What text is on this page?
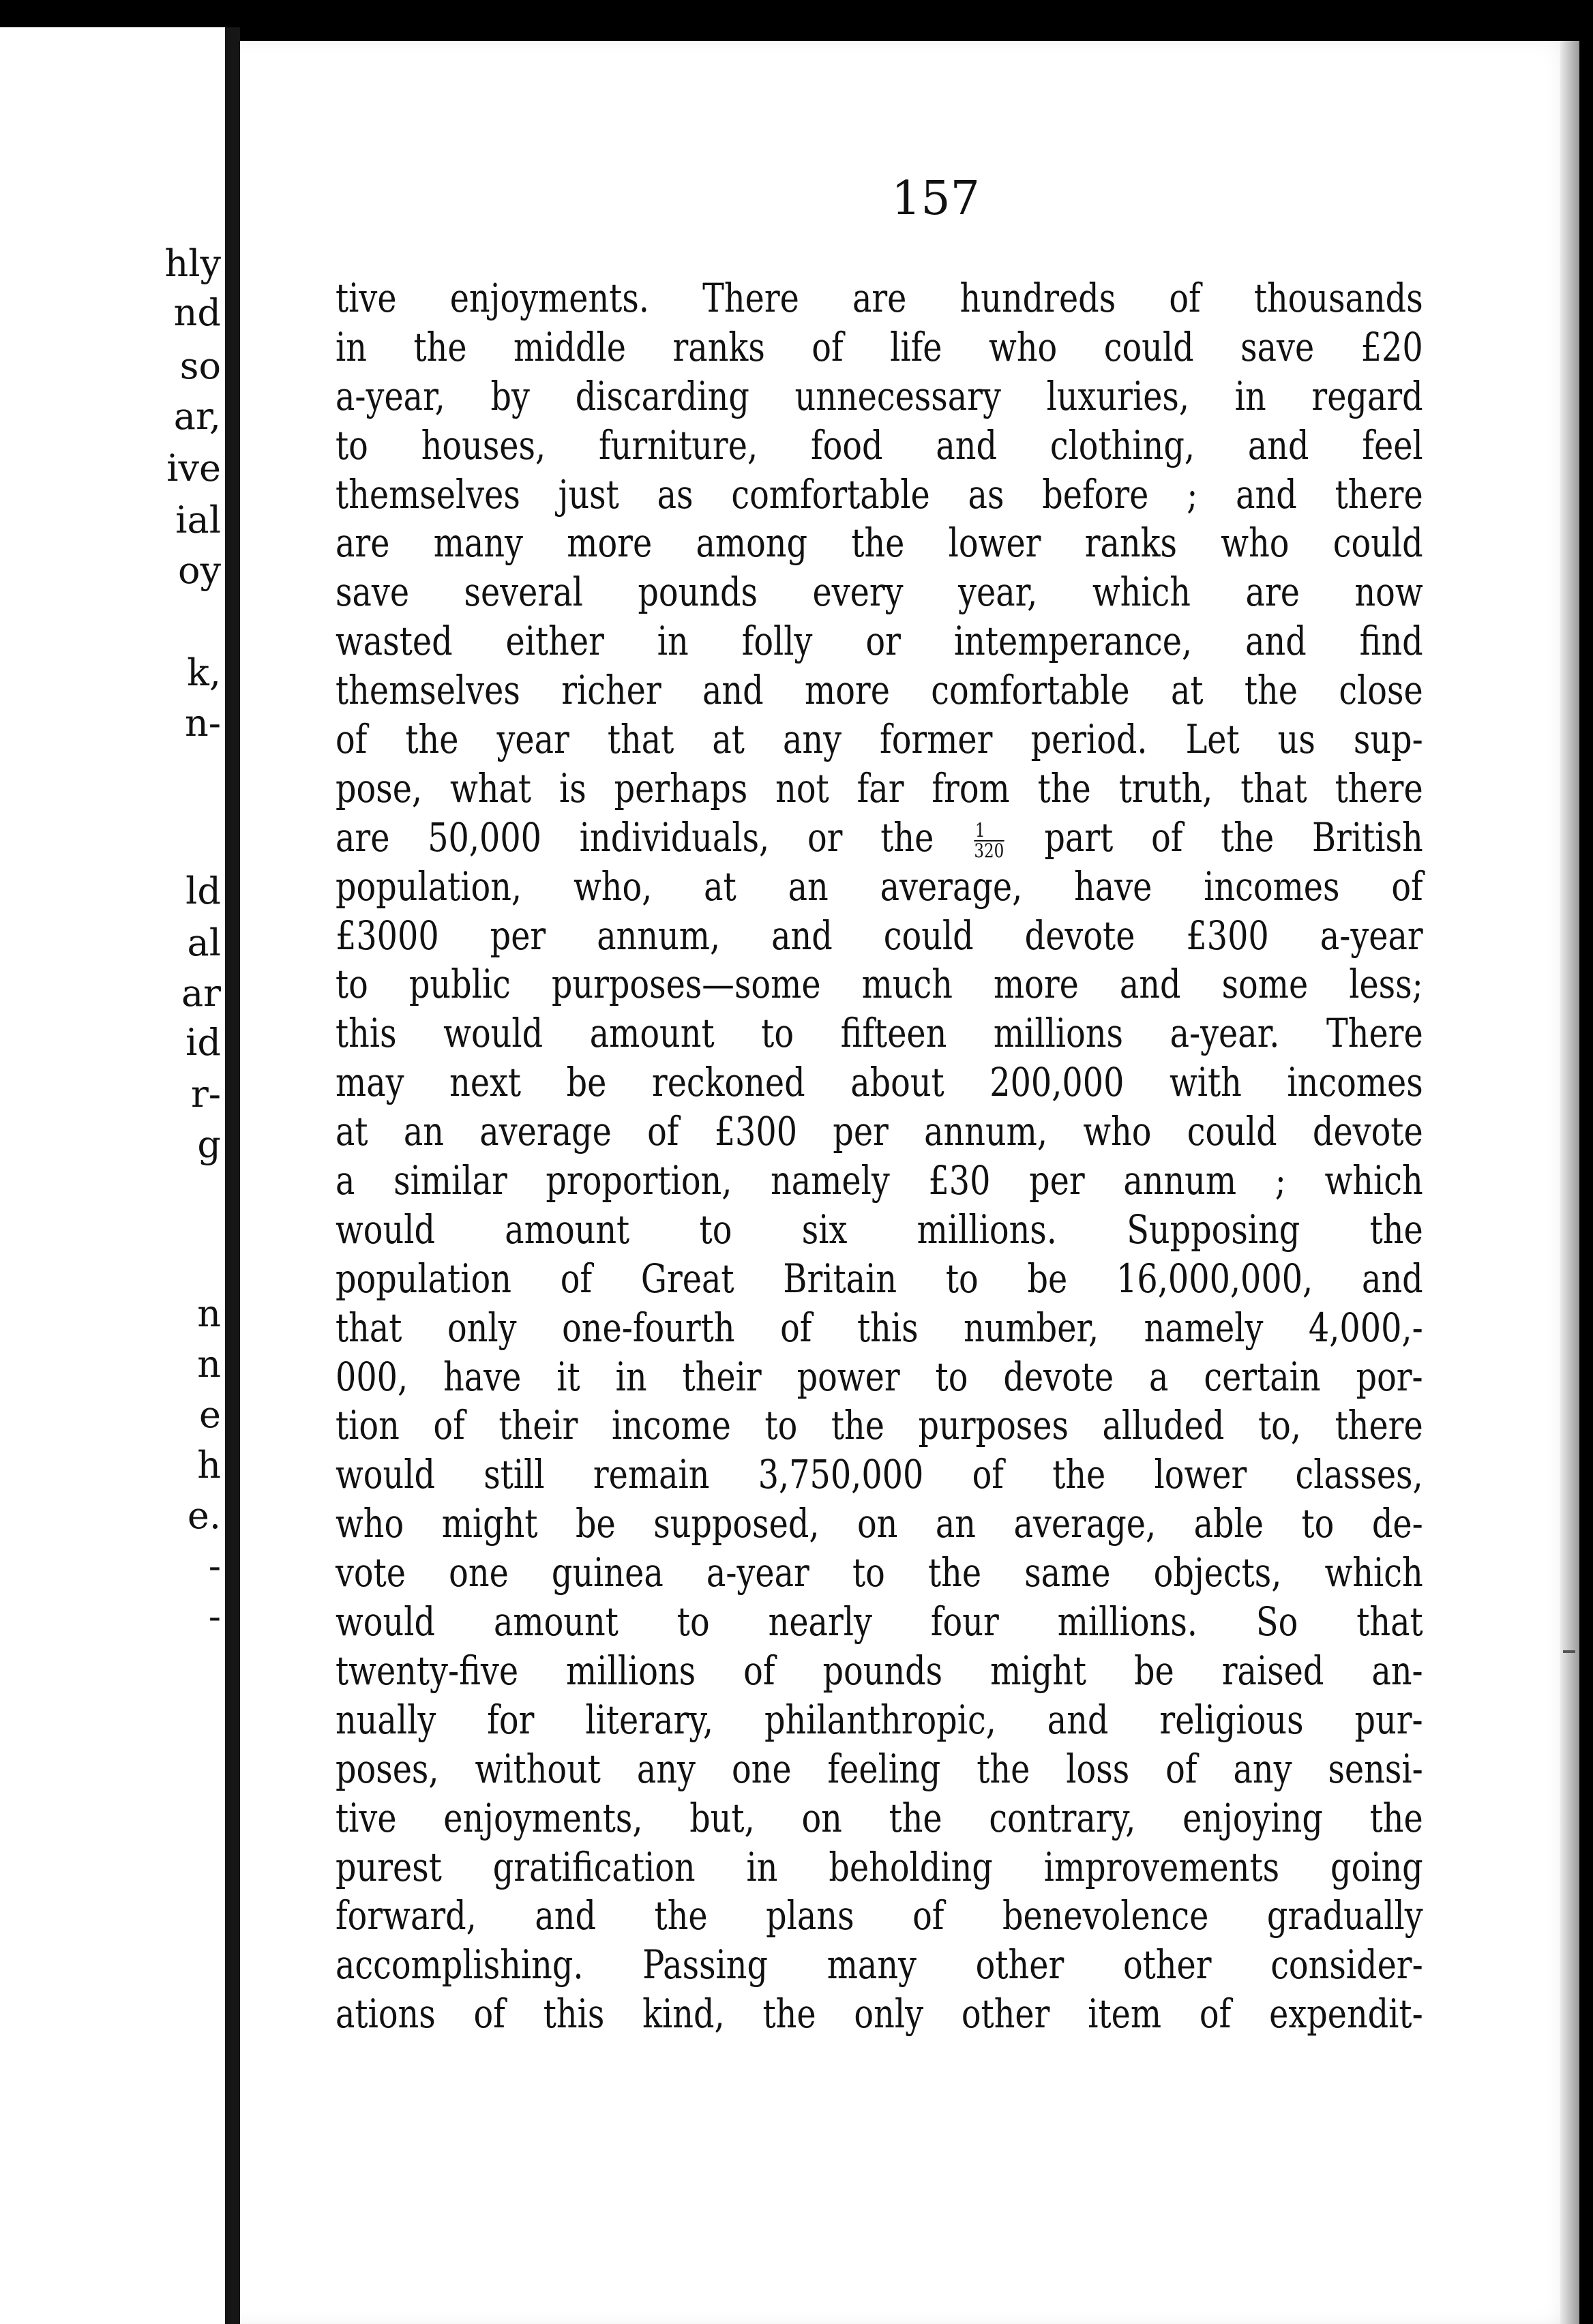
hly
nd
so
ar,
ive
ial
oy
k,
n-
ld
al
ar
id
r-
g
n
n
e
h
e.
-
-
157
tive enjoyments. There are hundreds of thousands
in the middle ranks of life who could save £20
a-year, by discarding unnecessary luxuries, in regard
to houses, furniture, food and clothing, and feel
themselves just as comfortable as before ; and there
are many more among the lower ranks who could
save several pounds every year, which are now
wasted either in folly or intemperance, and find
themselves richer and more comfortable at the close
of the year that at any former period. Let us sup-
pose, what is perhaps not far from the truth, that there
are 50,000 individuals, or the $\frac{1}{320}$ part of the British
population, who, at an average, have incomes of
£3000 per annum, and could devote £300 a-year
to public purposes—some much more and some less;
this would amount to fifteen millions a-year. There
may next be reckoned about 200,000 with incomes
at an average of £300 per annum, who could devote
a similar proportion, namely £30 per annum ; which
would amount to six millions. Supposing the
population of Great Britain to be 16,000,000, and
that only one-fourth of this number, namely 4,000,-
000, have it in their power to devote a certain por-
tion of their income to the purposes alluded to, there
would still remain 3,750,000 of the lower classes,
who might be supposed, on an average, able to de-
vote one guinea a-year to the same objects, which
would amount to nearly four millions. So that
twenty-five millions of pounds might be raised an-
nually for literary, philanthropic, and religious pur-
poses, without any one feeling the loss of any sensi-
tive enjoyments, but, on the contrary, enjoying the
purest gratification in beholding improvements going
forward, and the plans of benevolence gradually
accomplishing. Passing many other other consider-
ations of this kind, the only other item of expendit-
